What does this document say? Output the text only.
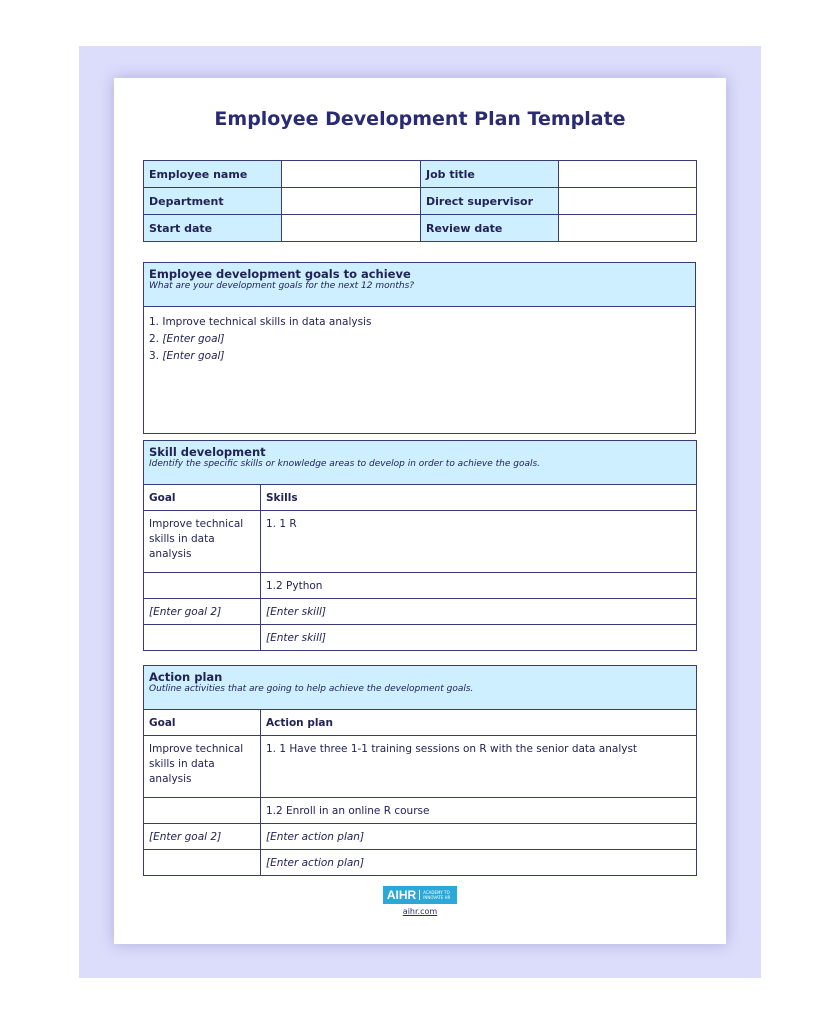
Employee Development Plan Template
Employee name		Job title	
Department		Direct supervisor	
Start date		Review date	
Employee development goals to achieve
What are your development goals for the next 12 months?

1. Improve technical skills in data analysis
2. [Enter goal]
3. [Enter goal]
Skill development
Identify the specific skills or knowledge areas to develop in order to achieve the goals.	

Goal	Skills
Improve technical skills in data analysis	1. 1 R
	1.2 Python
[Enter goal 2]	[Enter skill]
	[Enter skill]
Action plan
Outline activities that are going to help achieve the development goals.	

Goal	Action plan
Improve technical skills in data analysis	1. 1 Have three 1-1 training sessions on R with the senior data analyst
	1.2 Enroll in an online R course
[Enter goal 2]	[Enter action plan]
	[Enter action plan]
AIHR	ACADEMY TO INNOVATE HR
aihr.com
